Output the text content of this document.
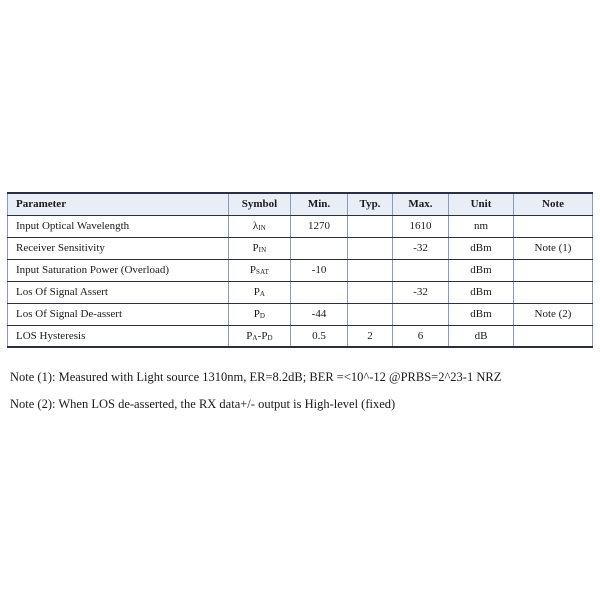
Parameter	Symbol	Min.	Typ.	Max.	Unit	Note
Input Optical Wavelength	λIN	1270		1610	nm	
Receiver Sensitivity	PIN			-32	dBm	Note (1)
Input Saturation Power (Overload)	PSAT	-10			dBm	
Los Of Signal Assert	PA			-32	dBm	
Los Of Signal De-assert	PD	-44			dBm	Note (2)
LOS Hysteresis	PA-PD	0.5	2	6	dB	
Note (1): Measured with Light source 1310nm, ER=8.2dB; BER =<10^-12 @PRBS=2^23-1 NRZ
Note (2): When LOS de-asserted, the RX data+/- output is High-level (fixed)
